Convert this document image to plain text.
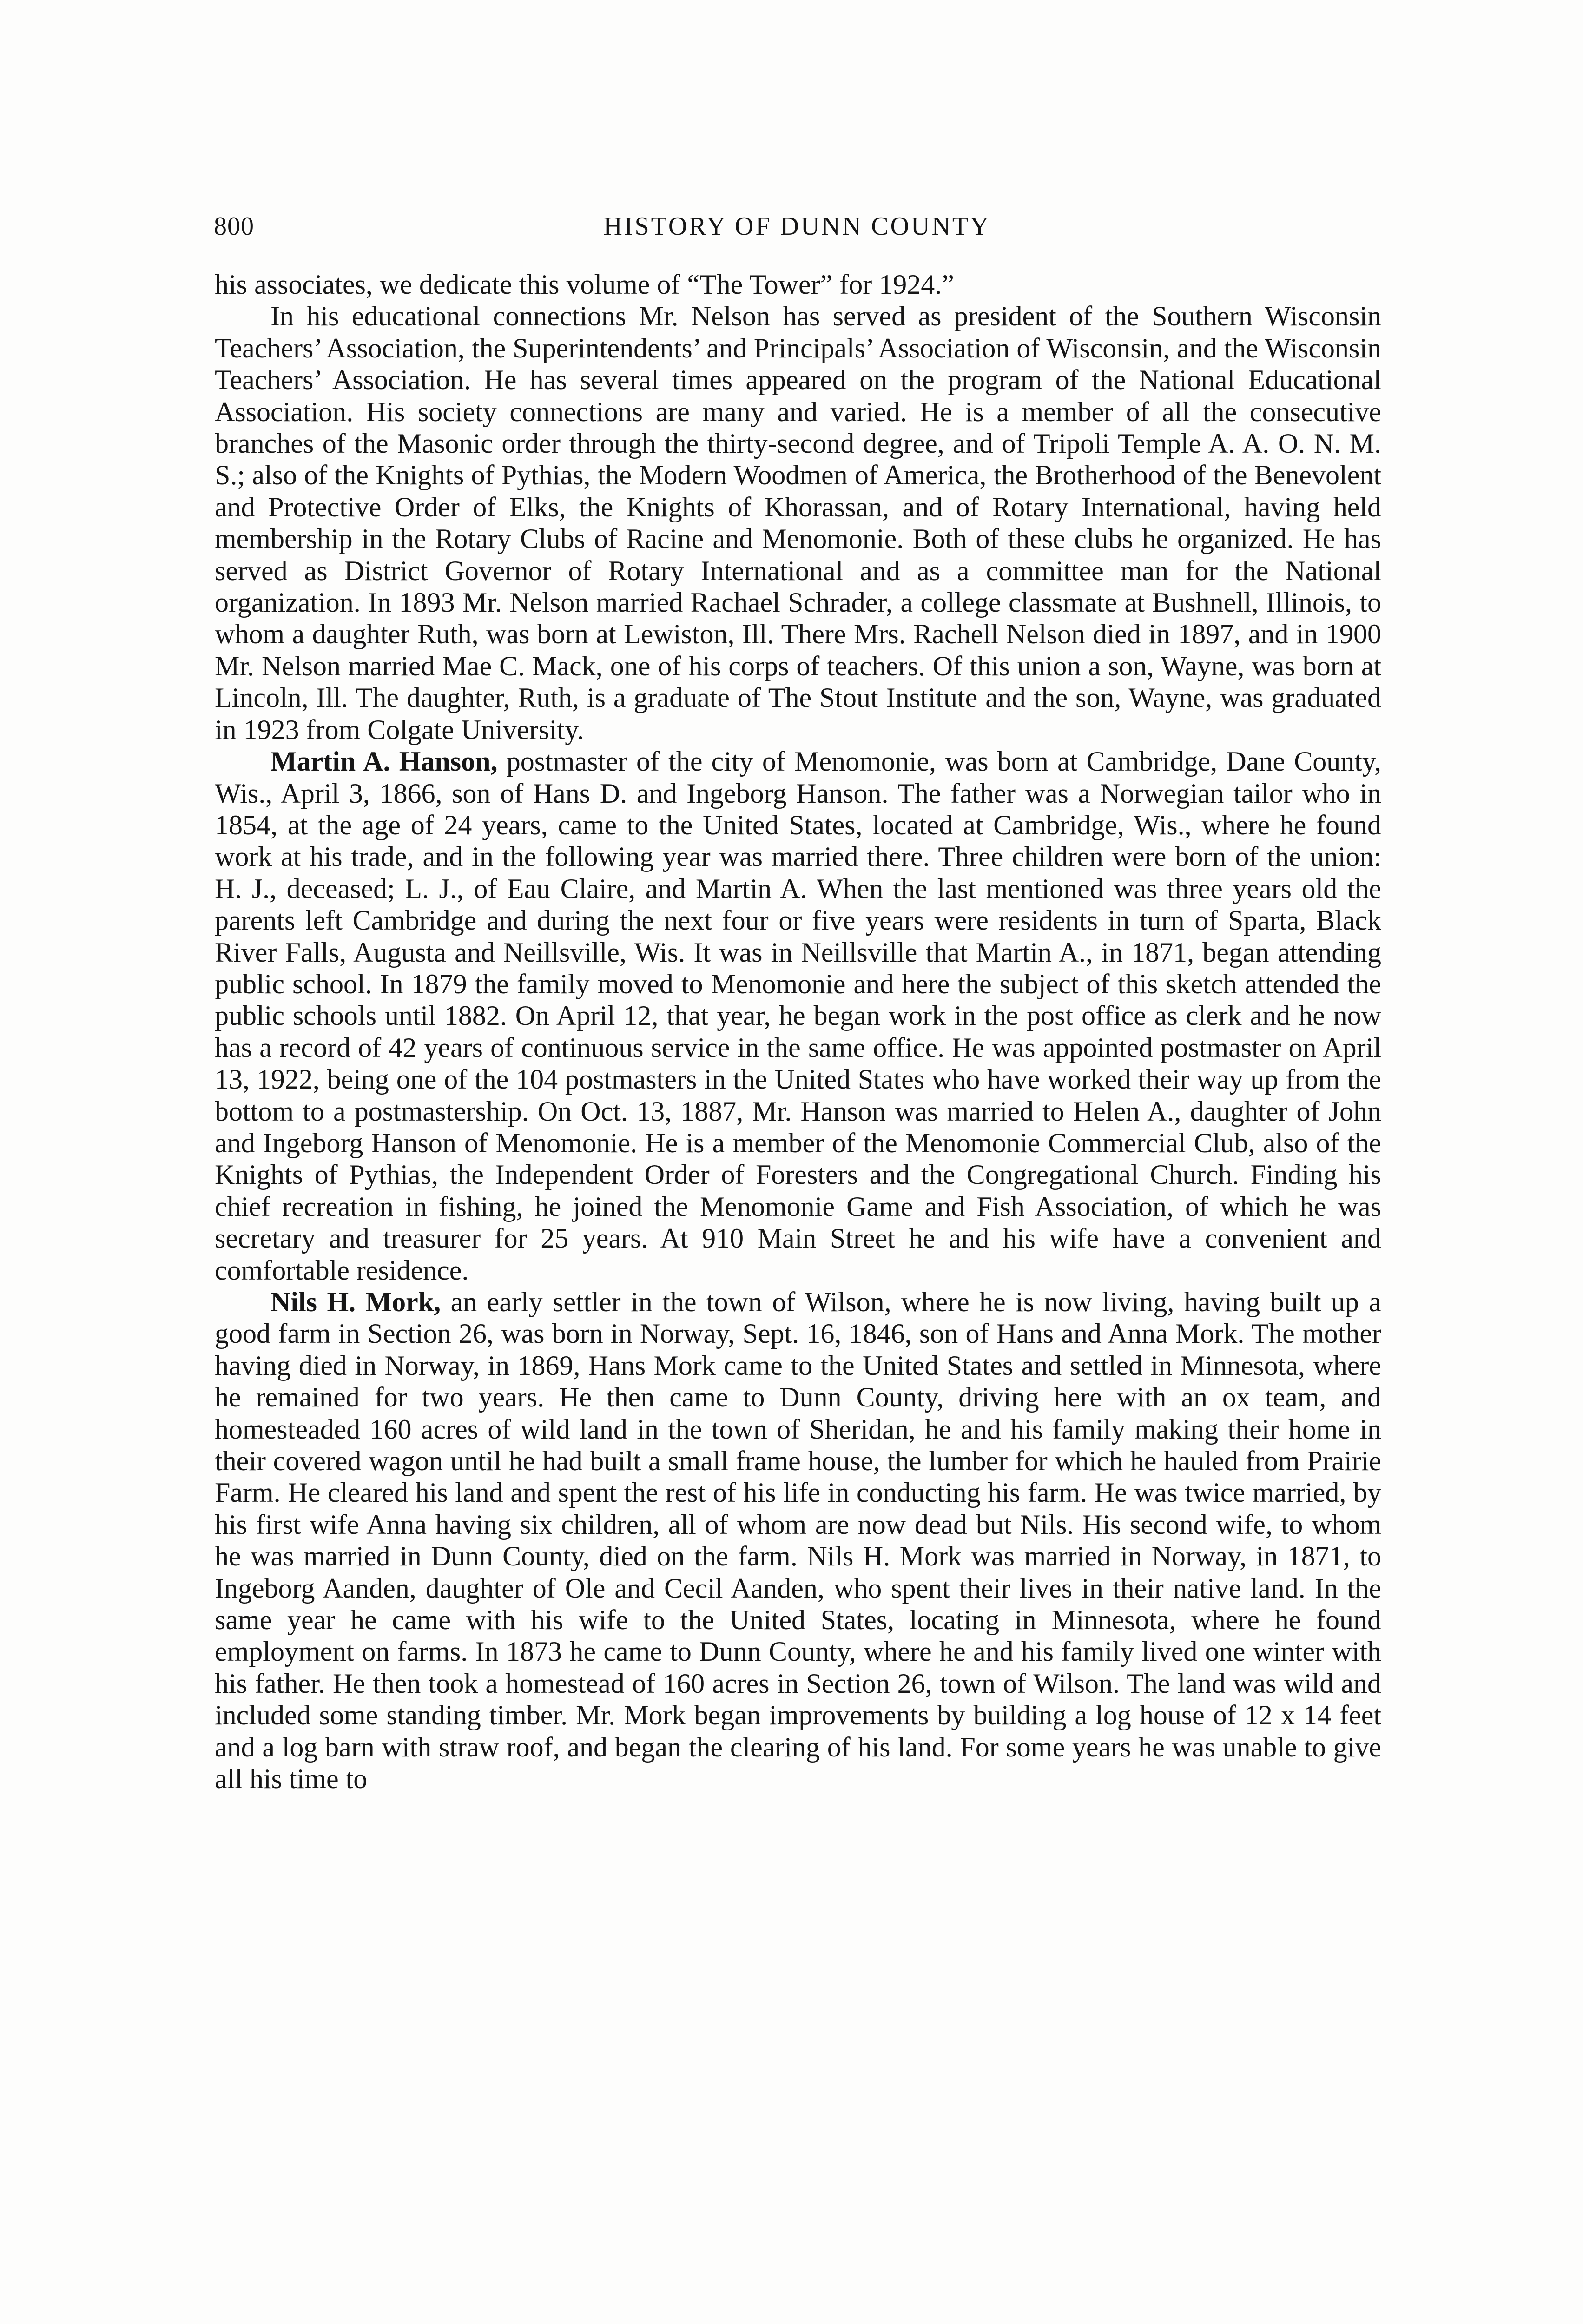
800	HISTORY OF DUNN COUNTY

his associates, we dedicate this volume of “The Tower” for 1924.”

In his educational connections Mr. Nelson has served as president of the Southern Wisconsin Teachers’ Association, the Superintendents’ and Principals’ Association of Wisconsin, and the Wisconsin Teachers’ Association. He has several times appeared on the program of the National Educational Association. His society connections are many and varied. He is a member of all the consecutive branches of the Masonic order through the thirty-second degree, and of Tripoli Temple A. A. O. N. M. S.; also of the Knights of Pythias, the Modern Woodmen of America, the Brotherhood of the Benevolent and Protective Order of Elks, the Knights of Khorassan, and of Rotary International, having held membership in the Rotary Clubs of Racine and Menomonie. Both of these clubs he organized. He has served as District Governor of Rotary International and as a committee man for the National organization. In 1893 Mr. Nelson married Rachael Schrader, a college classmate at Bushnell, Illinois, to whom a daughter Ruth, was born at Lewiston, Ill. There Mrs. Rachell Nelson died in 1897, and in 1900 Mr. Nelson married Mae C. Mack, one of his corps of teachers. Of this union a son, Wayne, was born at Lincoln, Ill. The daughter, Ruth, is a graduate of The Stout Institute and the son, Wayne, was graduated in 1923 from Colgate University.

Martin A. Hanson, postmaster of the city of Menomonie, was born at Cambridge, Dane County, Wis., April 3, 1866, son of Hans D. and Ingeborg Hanson. The father was a Norwegian tailor who in 1854, at the age of 24 years, came to the United States, located at Cambridge, Wis., where he found work at his trade, and in the following year was married there. Three children were born of the union: H. J., deceased; L. J., of Eau Claire, and Martin A. When the last mentioned was three years old the parents left Cambridge and during the next four or five years were residents in turn of Sparta, Black River Falls, Augusta and Neillsville, Wis. It was in Neillsville that Martin A., in 1871, began attending public school. In 1879 the family moved to Menomonie and here the subject of this sketch attended the public schools until 1882. On April 12, that year, he began work in the post office as clerk and he now has a record of 42 years of continuous service in the same office. He was appointed postmaster on April 13, 1922, being one of the 104 postmasters in the United States who have worked their way up from the bottom to a postmastership. On Oct. 13, 1887, Mr. Hanson was married to Helen A., daughter of John and Ingeborg Hanson of Menomonie. He is a member of the Menomonie Commercial Club, also of the Knights of Pythias, the Independent Order of Foresters and the Congregational Church. Finding his chief recreation in fishing, he joined the Menomonie Game and Fish Association, of which he was secretary and treasurer for 25 years. At 910 Main Street he and his wife have a convenient and comfortable residence.

Nils H. Mork, an early settler in the town of Wilson, where he is now living, having built up a good farm in Section 26, was born in Norway, Sept. 16, 1846, son of Hans and Anna Mork. The mother having died in Norway, in 1869, Hans Mork came to the United States and settled in Minnesota, where he remained for two years. He then came to Dunn County, driving here with an ox team, and homesteaded 160 acres of wild land in the town of Sheridan, he and his family making their home in their covered wagon until he had built a small frame house, the lumber for which he hauled from Prairie Farm. He cleared his land and spent the rest of his life in conducting his farm. He was twice married, by his first wife Anna having six children, all of whom are now dead but Nils. His second wife, to whom he was married in Dunn County, died on the farm. Nils H. Mork was married in Norway, in 1871, to Ingeborg Aanden, daughter of Ole and Cecil Aanden, who spent their lives in their native land. In the same year he came with his wife to the United States, locating in Minnesota, where he found employment on farms. In 1873 he came to Dunn County, where he and his family lived one winter with his father. He then took a homestead of 160 acres in Section 26, town of Wilson. The land was wild and included some standing timber. Mr. Mork began improvements by building a log house of 12 x 14 feet and a log barn with straw roof, and began the clearing of his land. For some years he was unable to give all his time to
